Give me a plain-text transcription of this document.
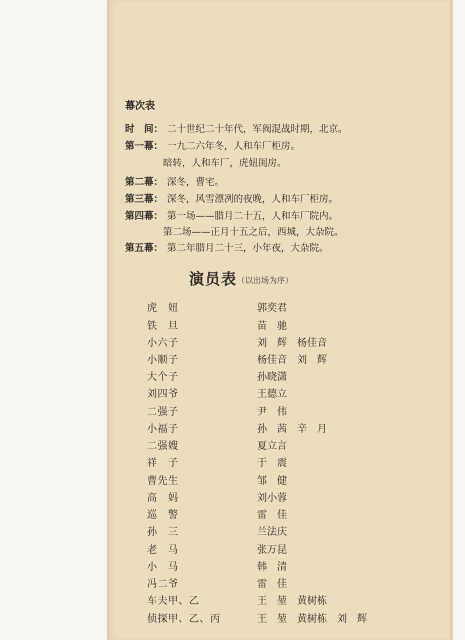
幕次表
时　间： 二十世纪二十年代，军阀混战时期，北京。
第一幕： 一九二六年冬，人和车厂柜房。
暗转，人和车厂，虎妞闺房。
第二幕： 深冬，曹宅。
第三幕： 深冬，风雪漂冽的夜晚，人和车厂柜房。
第四幕： 第一场——腊月二十五，人和车厂院内。
第二场——正月十五之后，西城，大杂院。
第五幕： 第二年腊月二十三，小年夜，大杂院。
演员表 （以出场为序）
虎　妞	郭奕君
铁　旦	苗　驰
小六子	刘　辉　杨佳音
小顺子	杨佳音　刘　辉
大个子	孙晓潇
刘四爷	王德立
二强子	尹　伟
小福子	孙　茜　辛　月
二强嫂	夏立言
祥　子	于　震
曹先生	邹　健
高　妈	刘小蓉
巡　警	雷　佳
孙　三	兰法庆
老　马	张万昆
小　马	韩　清
冯二爷	雷　佳
车夫甲、乙	王　堃　黄树栋
侦探甲、乙、丙	王　堃　黄树栋　刘　辉
